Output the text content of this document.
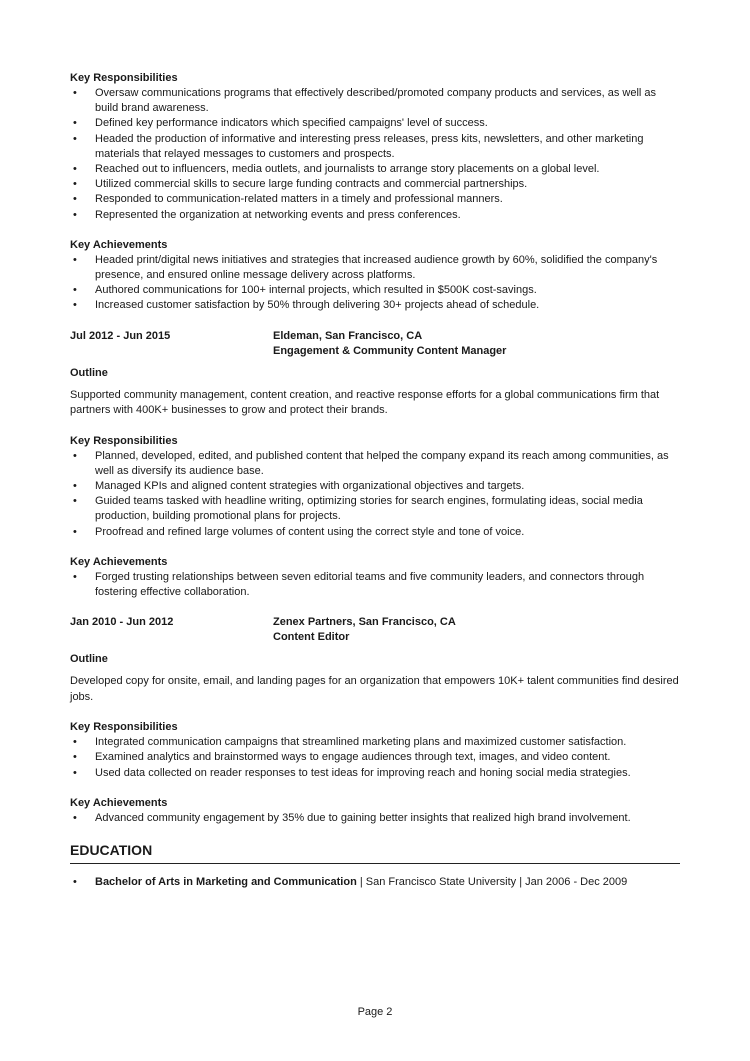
Key Responsibilities

• Oversaw communications programs that effectively described/promoted company products and services, as well as build brand awareness.
• Defined key performance indicators which specified campaigns' level of success.
• Headed the production of informative and interesting press releases, press kits, newsletters, and other marketing materials that relayed messages to customers and prospects.
• Reached out to influencers, media outlets, and journalists to arrange story placements on a global level.
• Utilized commercial skills to secure large funding contracts and commercial partnerships.
• Responded to communication-related matters in a timely and professional manners.
• Represented the organization at networking events and press conferences.

Key Achievements

• Headed print/digital news initiatives and strategies that increased audience growth by 60%, solidified the company's presence, and ensured online message delivery across platforms.
• Authored communications for 100+ internal projects, which resulted in $500K cost-savings.
• Increased customer satisfaction by 50% through delivering 30+ projects ahead of schedule.
Jul 2012 - Jun 2015	Eldeman, San Francisco, CA
Engagement & Community Content Manager

Outline

Supported community management, content creation, and reactive response efforts for a global communications firm that partners with 400K+ businesses to grow and protect their brands.

Key Responsibilities

• Planned, developed, edited, and published content that helped the company expand its reach among communities, as well as diversify its audience base.
• Managed KPIs and aligned content strategies with organizational objectives and targets.
• Guided teams tasked with headline writing, optimizing stories for search engines, formulating ideas, social media production, building promotional plans for projects.
• Proofread and refined large volumes of content using the correct style and tone of voice.

Key Achievements

• Forged trusting relationships between seven editorial teams and five community leaders, and connectors through fostering effective collaboration.
Jan 2010 - Jun 2012	Zenex Partners, San Francisco, CA
Content Editor

Outline

Developed copy for onsite, email, and landing pages for an organization that empowers 10K+ talent communities find desired jobs.

Key Responsibilities

• Integrated communication campaigns that streamlined marketing plans and maximized customer satisfaction.
• Examined analytics and brainstormed ways to engage audiences through text, images, and video content.
• Used data collected on reader responses to test ideas for improving reach and honing social media strategies.

Key Achievements

• Advanced community engagement by 35% due to gaining better insights that realized high brand involvement.

EDUCATION

• Bachelor of Arts in Marketing and Communication | San Francisco State University | Jan 2006 - Dec 2009
Page 2
